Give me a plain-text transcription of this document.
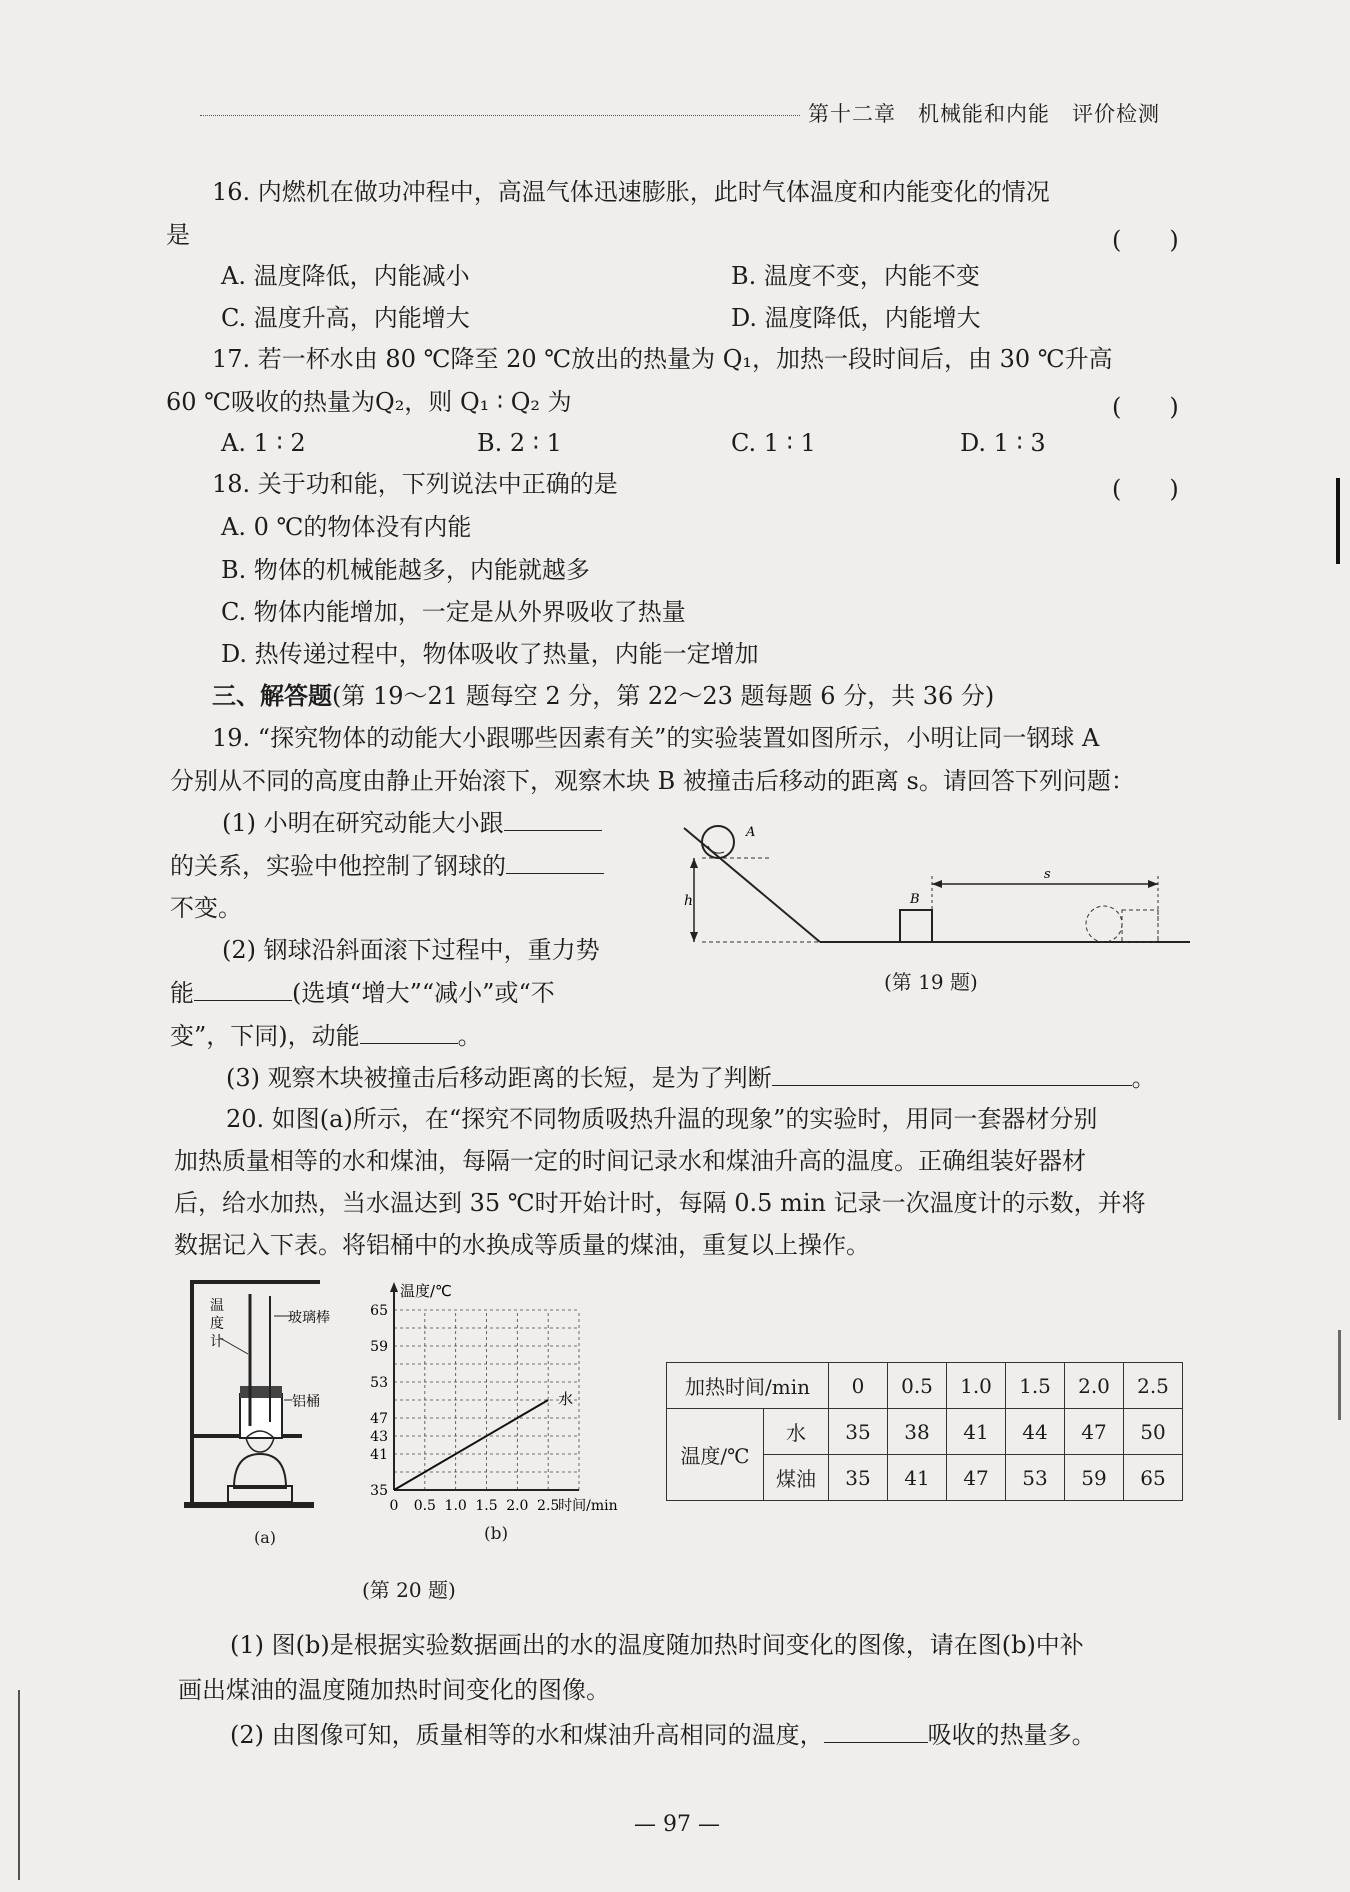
第十二章　机械能和内能　评价检测
16. 内燃机在做功冲程中，高温气体迅速膨胀，此时气体温度和内能变化的情况
是	(　　)
A. 温度降低，内能减小	B. 温度不变，内能不变
C. 温度升高，内能增大	D. 温度降低，内能增大
17. 若一杯水由 80 ℃降至 20 ℃放出的热量为 Q₁，加热一段时间后，由 30 ℃升高
60 ℃吸收的热量为Q₂，则 Q₁ ∶ Q₂ 为	(　　)
A. 1 ∶ 2	B. 2 ∶ 1	C. 1 ∶ 1	D. 1 ∶ 3
18. 关于功和能，下列说法中正确的是	(　　)
A. 0 ℃的物体没有内能
B. 物体的机械能越多，内能就越多
C. 物体内能增加，一定是从外界吸收了热量
D. 热传递过程中，物体吸收了热量，内能一定增加
三、解答题(第 19～21 题每空 2 分，第 22～23 题每题 6 分，共 36 分)
19. “探究物体的动能大小跟哪些因素有关”的实验装置如图所示，小明让同一钢球 A
分别从不同的高度由静止开始滚下，观察木块 B 被撞击后移动的距离 s。请回答下列问题：
(1) 小明在研究动能大小跟
的关系，实验中他控制了钢球的
不变。
(2) 钢球沿斜面滚下过程中，重力势
能	(选填“增大”“减小”或“不
变”，下同)，动能	。
(3) 观察木块被撞击后移动距离的长短，是为了判断	。
h
A
B
s
(第 19 题)
20. 如图(a)所示，在“探究不同物质吸热升温的现象”的实验时，用同一套器材分别
加热质量相等的水和煤油，每隔一定的时间记录水和煤油升高的温度。正确组装好器材
后，给水加热，当水温达到 35 ℃时开始计时，每隔 0.5 min 记录一次温度计的示数，并将
数据记入下表。将铝桶中的水换成等质量的煤油，重复以上操作。
温
度
计
玻璃棒
铝桶
(a)
35
41
47
53
59
65
43
0 0.5 1.0 1.5 2.0 2.5
水
温度/℃
时间/min
(b)
(第 20 题)
加热时间/min		0	0.5	1.0	1.5	2.0	2.5
温度/℃	水	35	38	41	44	47	50
	煤油	35	41	47	53	59	65
(1) 图(b)是根据实验数据画出的水的温度随加热时间变化的图像，请在图(b)中补
画出煤油的温度随加热时间变化的图像。
(2) 由图像可知，质量相等的水和煤油升高相同的温度，	吸收的热量多。
— 97 —
